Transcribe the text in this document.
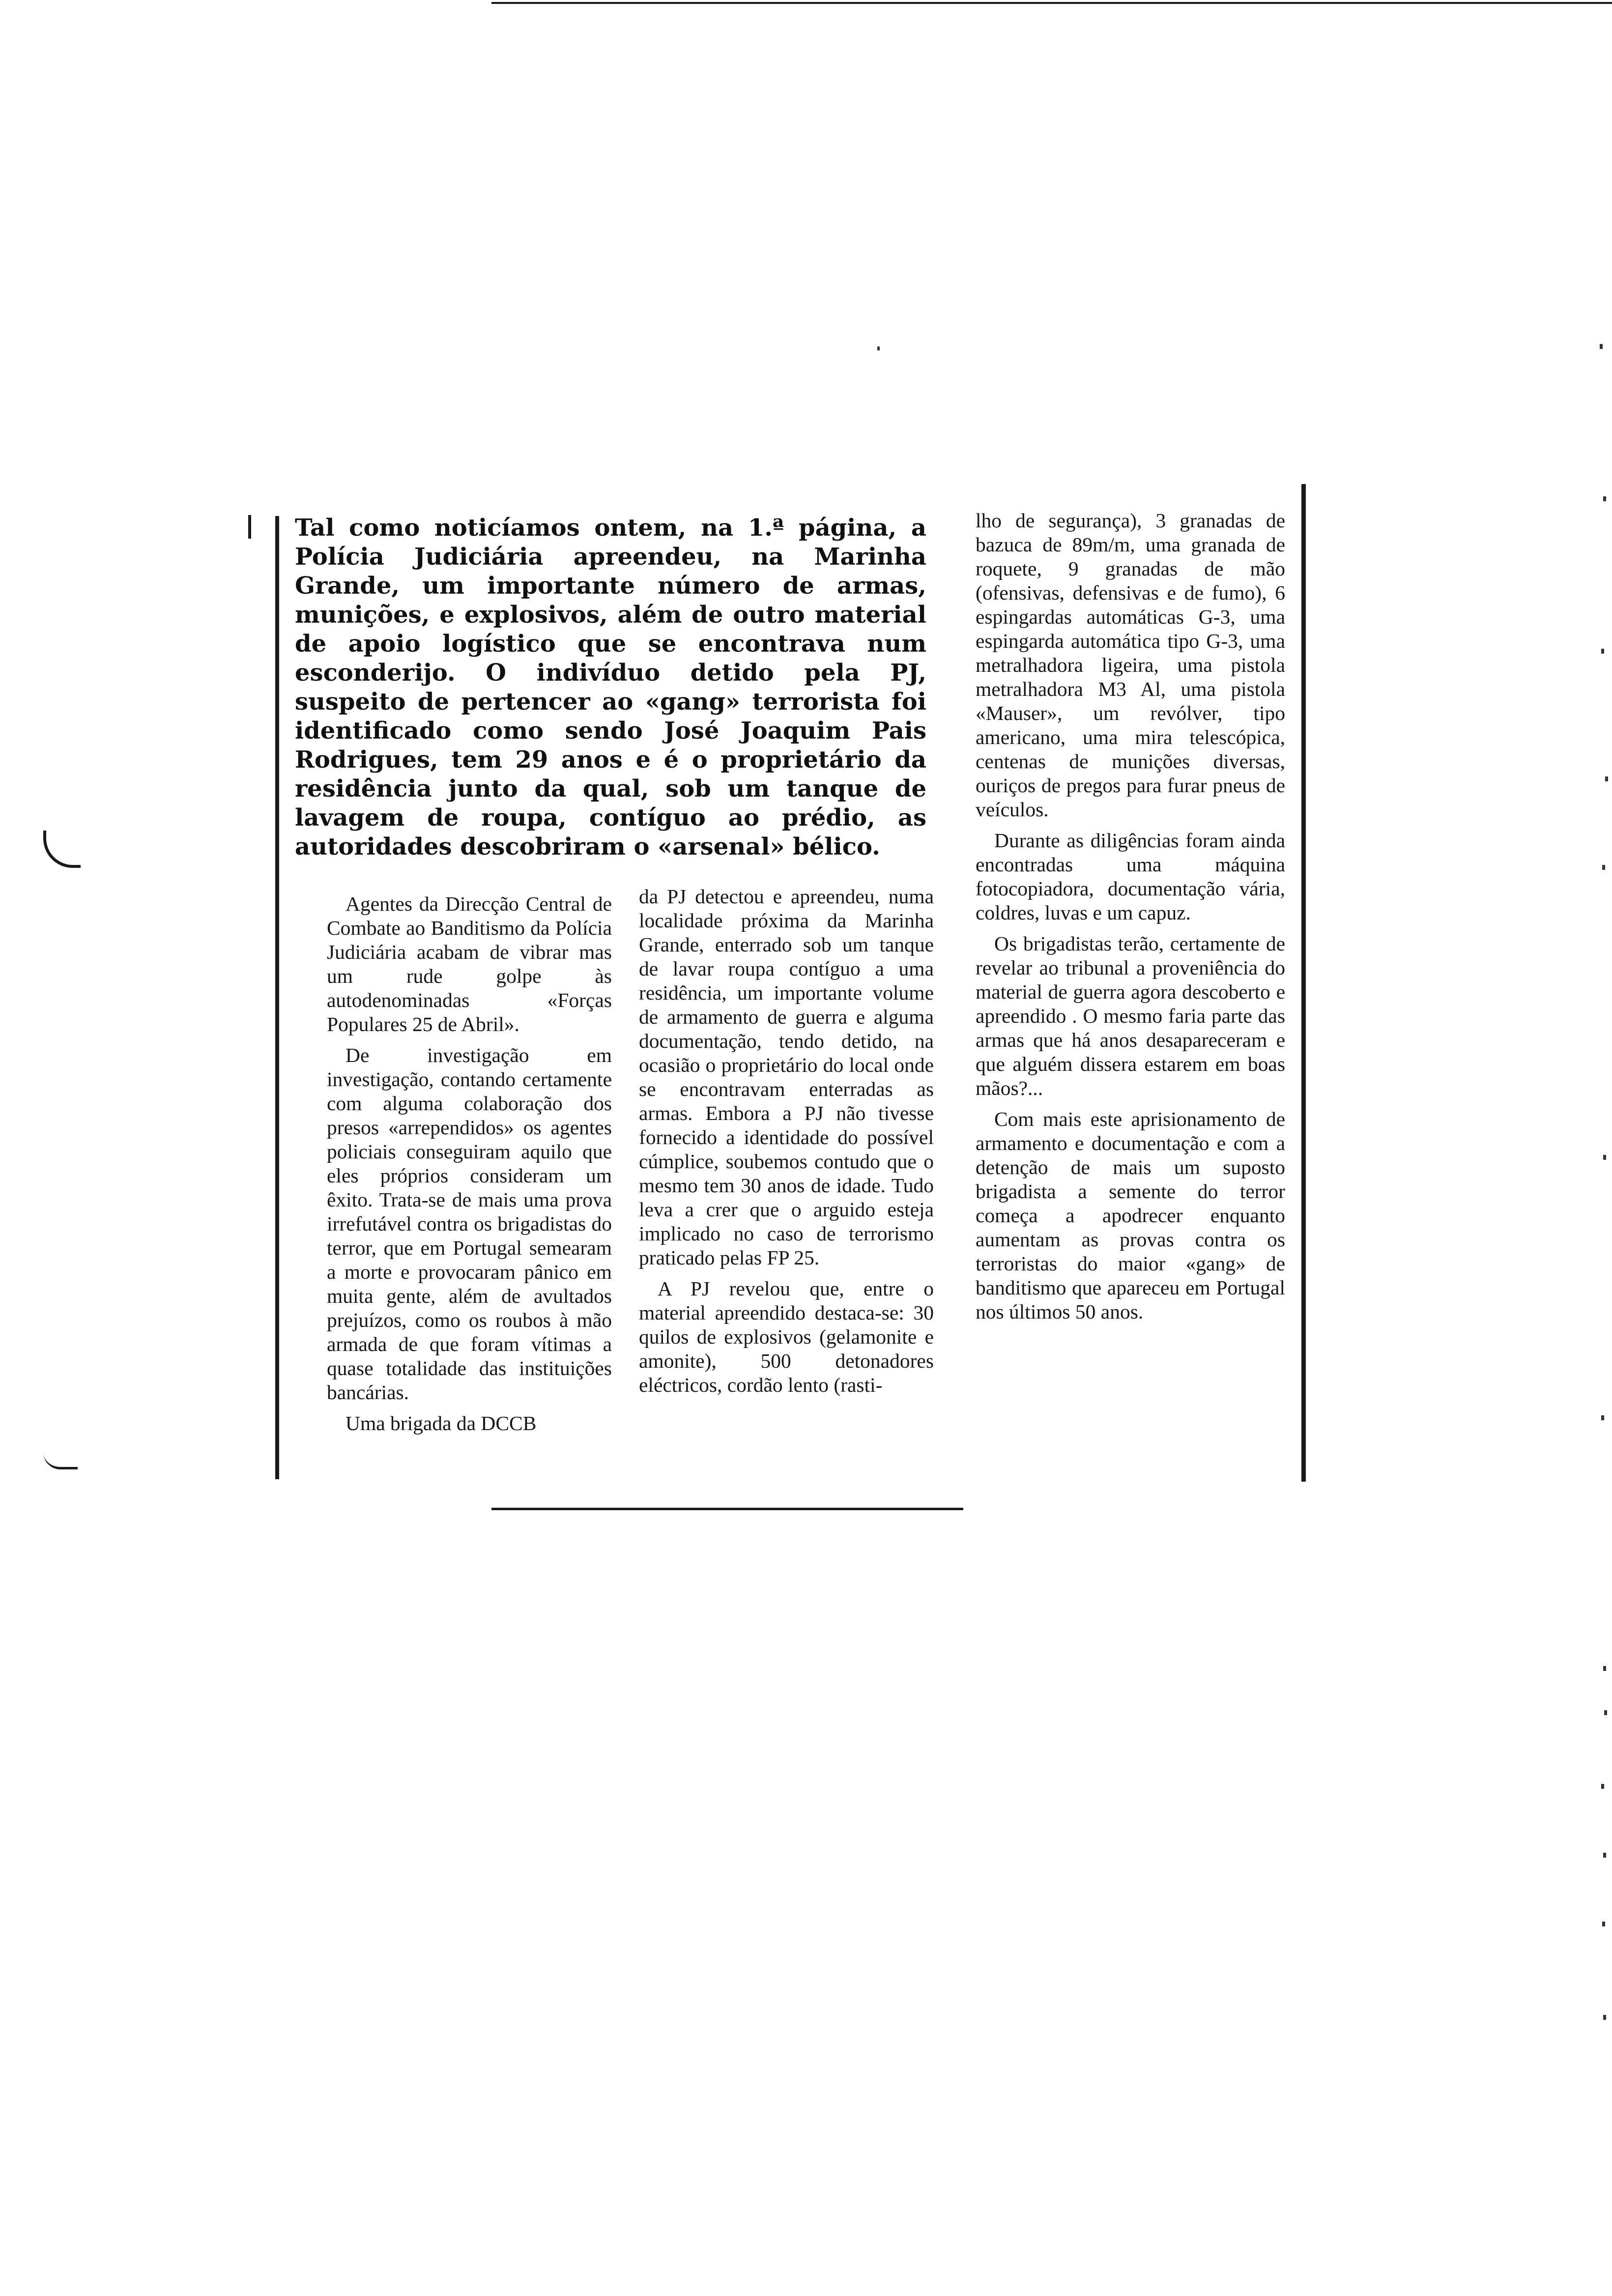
Tal como noticíamos ontem, na 1.ª página, a Polícia Judiciária apreendeu, na Marinha Grande, um importante número de armas, munições, e explosivos, além de outro material de apoio logístico que se encontrava num esconderijo. O indivíduo detido pela PJ, suspeito de pertencer ao «gang» terrorista foi identificado como sendo José Joaquim Pais Rodrigues, tem 29 anos e é o proprietário da residência junto da qual, sob um tanque de lavagem de roupa, contíguo ao prédio, as autoridades descobriram o «arsenal» bélico.

Agentes da Direcção Central de Combate ao Banditismo da Polícia Judiciária acabam de vibrar mas um rude golpe às autodenominadas «Forças Populares 25 de Abril».

De investigação em investigação, contando certamente com alguma colaboração dos presos «arrependidos» os agentes policiais conseguiram aquilo que eles próprios consideram um êxito. Trata-se de mais uma prova irrefutável contra os brigadistas do terror, que em Portugal semearam a morte e provocaram pânico em muita gente, além de avultados prejuízos, como os roubos à mão armada de que foram vítimas a quase totalidade das instituições bancárias.

Uma brigada da DCCB

da PJ detectou e apreendeu, numa localidade próxima da Marinha Grande, enterrado sob um tanque de lavar roupa contíguo a uma residência, um importante volume de armamento de guerra e alguma documentação, tendo detido, na ocasião o proprietário do local onde se encontravam enterradas as armas. Embora a PJ não tivesse fornecido a identidade do possível cúmplice, soubemos contudo que o mesmo tem 30 anos de idade. Tudo leva a crer que o arguido esteja implicado no caso de terrorismo praticado pelas FP 25.

A PJ revelou que, entre o material apreendido destaca-se: 30 quilos de explosivos (gelamonite e amonite), 500 detonadores eléctricos, cordão lento (rasti-

lho de segurança), 3 granadas de bazuca de 89m/m, uma granada de roquete, 9 granadas de mão (ofensivas, defensivas e de fumo), 6 espingardas automáticas G-3, uma espingarda automática tipo G-3, uma metralhadora ligeira, uma pistola metralhadora M3 Al, uma pistola «Mauser», um revólver, tipo americano, uma mira telescópica, centenas de munições diversas, ouriços de pregos para furar pneus de veículos.

Durante as diligências foram ainda encontradas uma máquina fotocopiadora, documentação vária, coldres, luvas e um capuz.

Os brigadistas terão, certamente de revelar ao tribunal a proveniência do material de guerra agora descoberto e apreendido . O mesmo faria parte das armas que há anos desapareceram e que alguém dissera estarem em boas mãos?...

Com mais este aprisionamento de armamento e documentação e com a detenção de mais um suposto brigadista a semente do terror começa a apodrecer enquanto aumentam as provas contra os terroristas do maior «gang» de banditismo que apareceu em Portugal nos últimos 50 anos.
